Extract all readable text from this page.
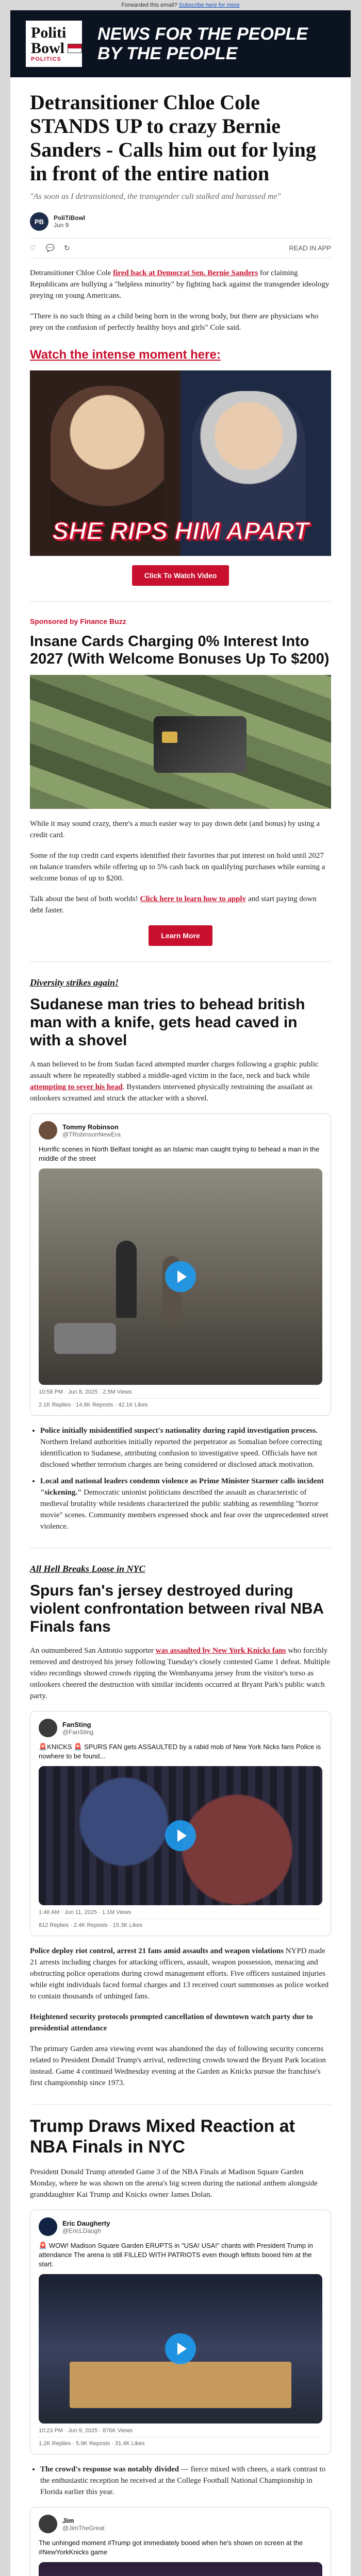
Forwarded this email? Subscribe here for more
Politi
Bowl
POLITICS
NEWS FOR THE PEOPLE BY THE PEOPLE
Detransitioner Chloe Cole STANDS UP to crazy Bernie Sanders - Calls him out for lying in front of the entire nation
"As soon as I detransitioned, the transgender cult stalked and harassed me"
PB	PoliTiBowl
Jun 9
♡ 💬 ↻	READ IN APP

Detransitioner Chloe Cole fired back at Democrat Sen. Bernie Sanders for claiming Republicans are bullying a "helpless minority" by fighting back against the transgender ideology preying on young Americans.

"There is no such thing as a child being born in the wrong body, but there are physicians who prey on the confusion of perfectly healthy boys and girls" Cole said.

Watch the intense moment here:
SHE RIPS HIM APART
Click To Watch Video
Sponsored by Finance Buzz
Insane Cards Charging 0% Interest Into 2027 (With Welcome Bonuses Up To $200)

While it may sound crazy, there's a much easier way to pay down debt (and bonus) by using a credit card.

Some of the top credit card experts identified their favorites that put interest on hold until 2027 on balance transfers while offering up to 5% cash back on qualifying purchases while earning a welcome bonus of up to $200.

Talk about the best of both worlds! Click here to learn how to apply and start paying down debt faster.

Learn More
Diversity strikes again!
Sudanese man tries to behead british man with a knife, gets head caved in with a shovel

A man believed to be from Sudan faced attempted murder charges following a graphic public assault where he repeatedly stabbed a middle-aged victim in the face, neck and back while attempting to sever his head. Bystanders intervened physically restraining the assailant as onlookers screamed and struck the attacker with a shovel.

Tommy Robinson
@TRobinsonNewEra
Horrific scenes in North Belfast tonight as an Islamic man caught trying to behead a man in the middle of the street
10:58 PM · Jun 8, 2025 · 2.5M Views
2.1K Replies · 14.8K Reposts · 42.1K Likes
• Police initially misidentified suspect's nationality during rapid investigation process. Northern Ireland authorities initially reported the perpetrator as Somalian before correcting identification to Sudanese, attributing confusion to investigative speed. Officials have not disclosed whether terrorism charges are being considered or disclosed attack motivation.
• Local and national leaders condemn violence as Prime Minister Starmer calls incident "sickening." Democratic unionist politicians described the assault as characteristic of medieval brutality while residents characterized the public stabbing as resembling "horror movie" scenes. Community members expressed shock and fear over the unprecedented street violence.
All Hell Breaks Loose in NYC
Spurs fan's jersey destroyed during violent confrontation between rival NBA Finals fans

An outnumbered San Antonio supporter was assaulted by New York Knicks fans who forcibly removed and destroyed his jersey following Tuesday's closely contested Game 1 defeat. Multiple video recordings showed crowds ripping the Wembanyama jersey from the visitor's torso as onlookers cheered the destruction with similar incidents occurred at Bryant Park's public watch party.

FanSting
@FanSting
🚨KNICKS 🚨 SPURS FAN gets ASSAULTED by a rabid mob of New York Nicks fans Police is nowhere to be found...
1:46 AM · Jun 11, 2025 · 1.1M Views
812 Replies · 2.4K Reposts · 15.3K Likes

Police deploy riot control, arrest 21 fans amid assaults and weapon violations NYPD made 21 arrests including charges for attacking officers, assault, weapon possession, menacing and obstructing police operations during crowd management efforts. Five officers sustained injuries while eight individuals faced formal charges and 13 received court summonses as police worked to contain thousands of unhinged fans.

Heightened security protocols prompted cancellation of downtown watch party due to presidential attendance

The primary Garden area viewing event was abandoned the day of following security concerns related to President Donald Trump's arrival, redirecting crowds toward the Bryant Park location instead. Game 4 continued Wednesday evening at the Garden as Knicks pursue the franchise's first championship since 1973.

Trump Draws Mixed Reaction at NBA Finals in NYC

President Donald Trump attended Game 3 of the NBA Finals at Madison Square Garden Monday, where he was shown on the arena's big screen during the national anthem alongside granddaughter Kai Trump and Knicks owner James Dolan.

Eric Daugherty
@EricLDaugh
🚨 WOW! Madison Square Garden ERUPTS in "USA! USA!" chants with President Trump in attendance The arena is still FILLED WITH PATRIOTS even though leftists booed him at the start.
10:23 PM · Jun 9, 2025 · 876K Views
1.2K Replies · 5.9K Reposts · 31.4K Likes
• The crowd's response was notably divided — fierce mixed with cheers, a stark contrast to the enthusiastic reception he received at the College Football National Championship in Florida earlier this year.
Jim
@JimTheGreat
The unhinged moment #Trump got immediately booed when he's shown on screen at the #NewYorkKnicks game
